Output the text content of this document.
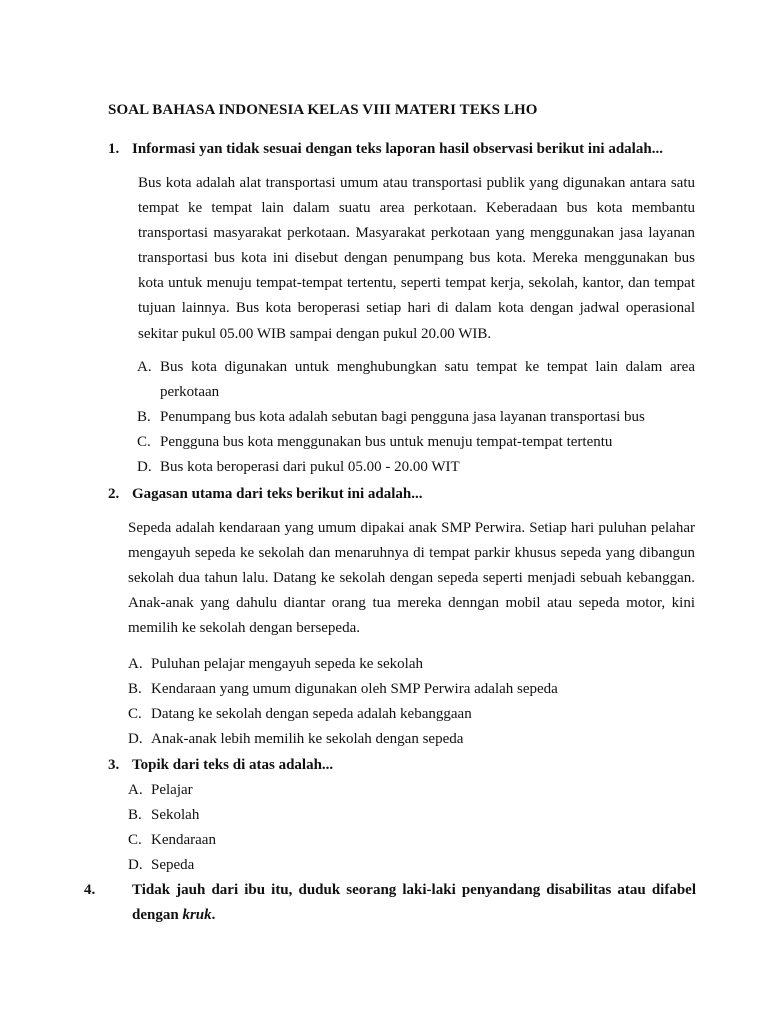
SOAL BAHASA INDONESIA KELAS VIII MATERI TEKS LHO
1. Informasi yan tidak sesuai dengan teks laporan hasil observasi berikut ini adalah...
Bus kota adalah alat transportasi umum atau transportasi publik yang digunakan antara satu tempat ke tempat lain dalam suatu area perkotaan. Keberadaan bus kota membantu transportasi masyarakat perkotaan. Masyarakat perkotaan yang menggunakan jasa layanan transportasi bus kota ini disebut dengan penumpang bus kota. Mereka menggunakan bus kota untuk menuju tempat-tempat tertentu, seperti tempat kerja, sekolah, kantor, dan tempat tujuan lainnya. Bus kota beroperasi setiap hari di dalam kota dengan jadwal operasional sekitar pukul 05.00 WIB sampai dengan pukul 20.00 WIB.
A. Bus kota digunakan untuk menghubungkan satu tempat ke tempat lain dalam area perkotaan
B. Penumpang bus kota adalah sebutan bagi pengguna jasa layanan transportasi bus
C. Pengguna bus kota menggunakan bus untuk menuju tempat-tempat tertentu
D. Bus kota beroperasi dari pukul 05.00 - 20.00 WIT
2. Gagasan utama dari teks berikut ini adalah...
Sepeda adalah kendaraan yang umum dipakai anak SMP Perwira. Setiap hari puluhan pelahar mengayuh sepeda ke sekolah dan menaruhnya di tempat parkir khusus sepeda yang dibangun sekolah dua tahun lalu. Datang ke sekolah dengan sepeda seperti menjadi sebuah kebanggan. Anak-anak yang dahulu diantar orang tua mereka denngan mobil atau sepeda motor, kini memilih ke sekolah dengan bersepeda.
A. Puluhan pelajar mengayuh sepeda ke sekolah
B. Kendaraan yang umum digunakan oleh SMP Perwira adalah sepeda
C. Datang ke sekolah dengan sepeda adalah kebanggaan
D. Anak-anak lebih memilih ke sekolah dengan sepeda
3. Topik dari teks di atas adalah...
A. Pelajar
B. Sekolah
C. Kendaraan
D. Sepeda
4. Tidak jauh dari ibu itu, duduk seorang laki-laki penyandang disabilitas atau difabel dengan kruk.
